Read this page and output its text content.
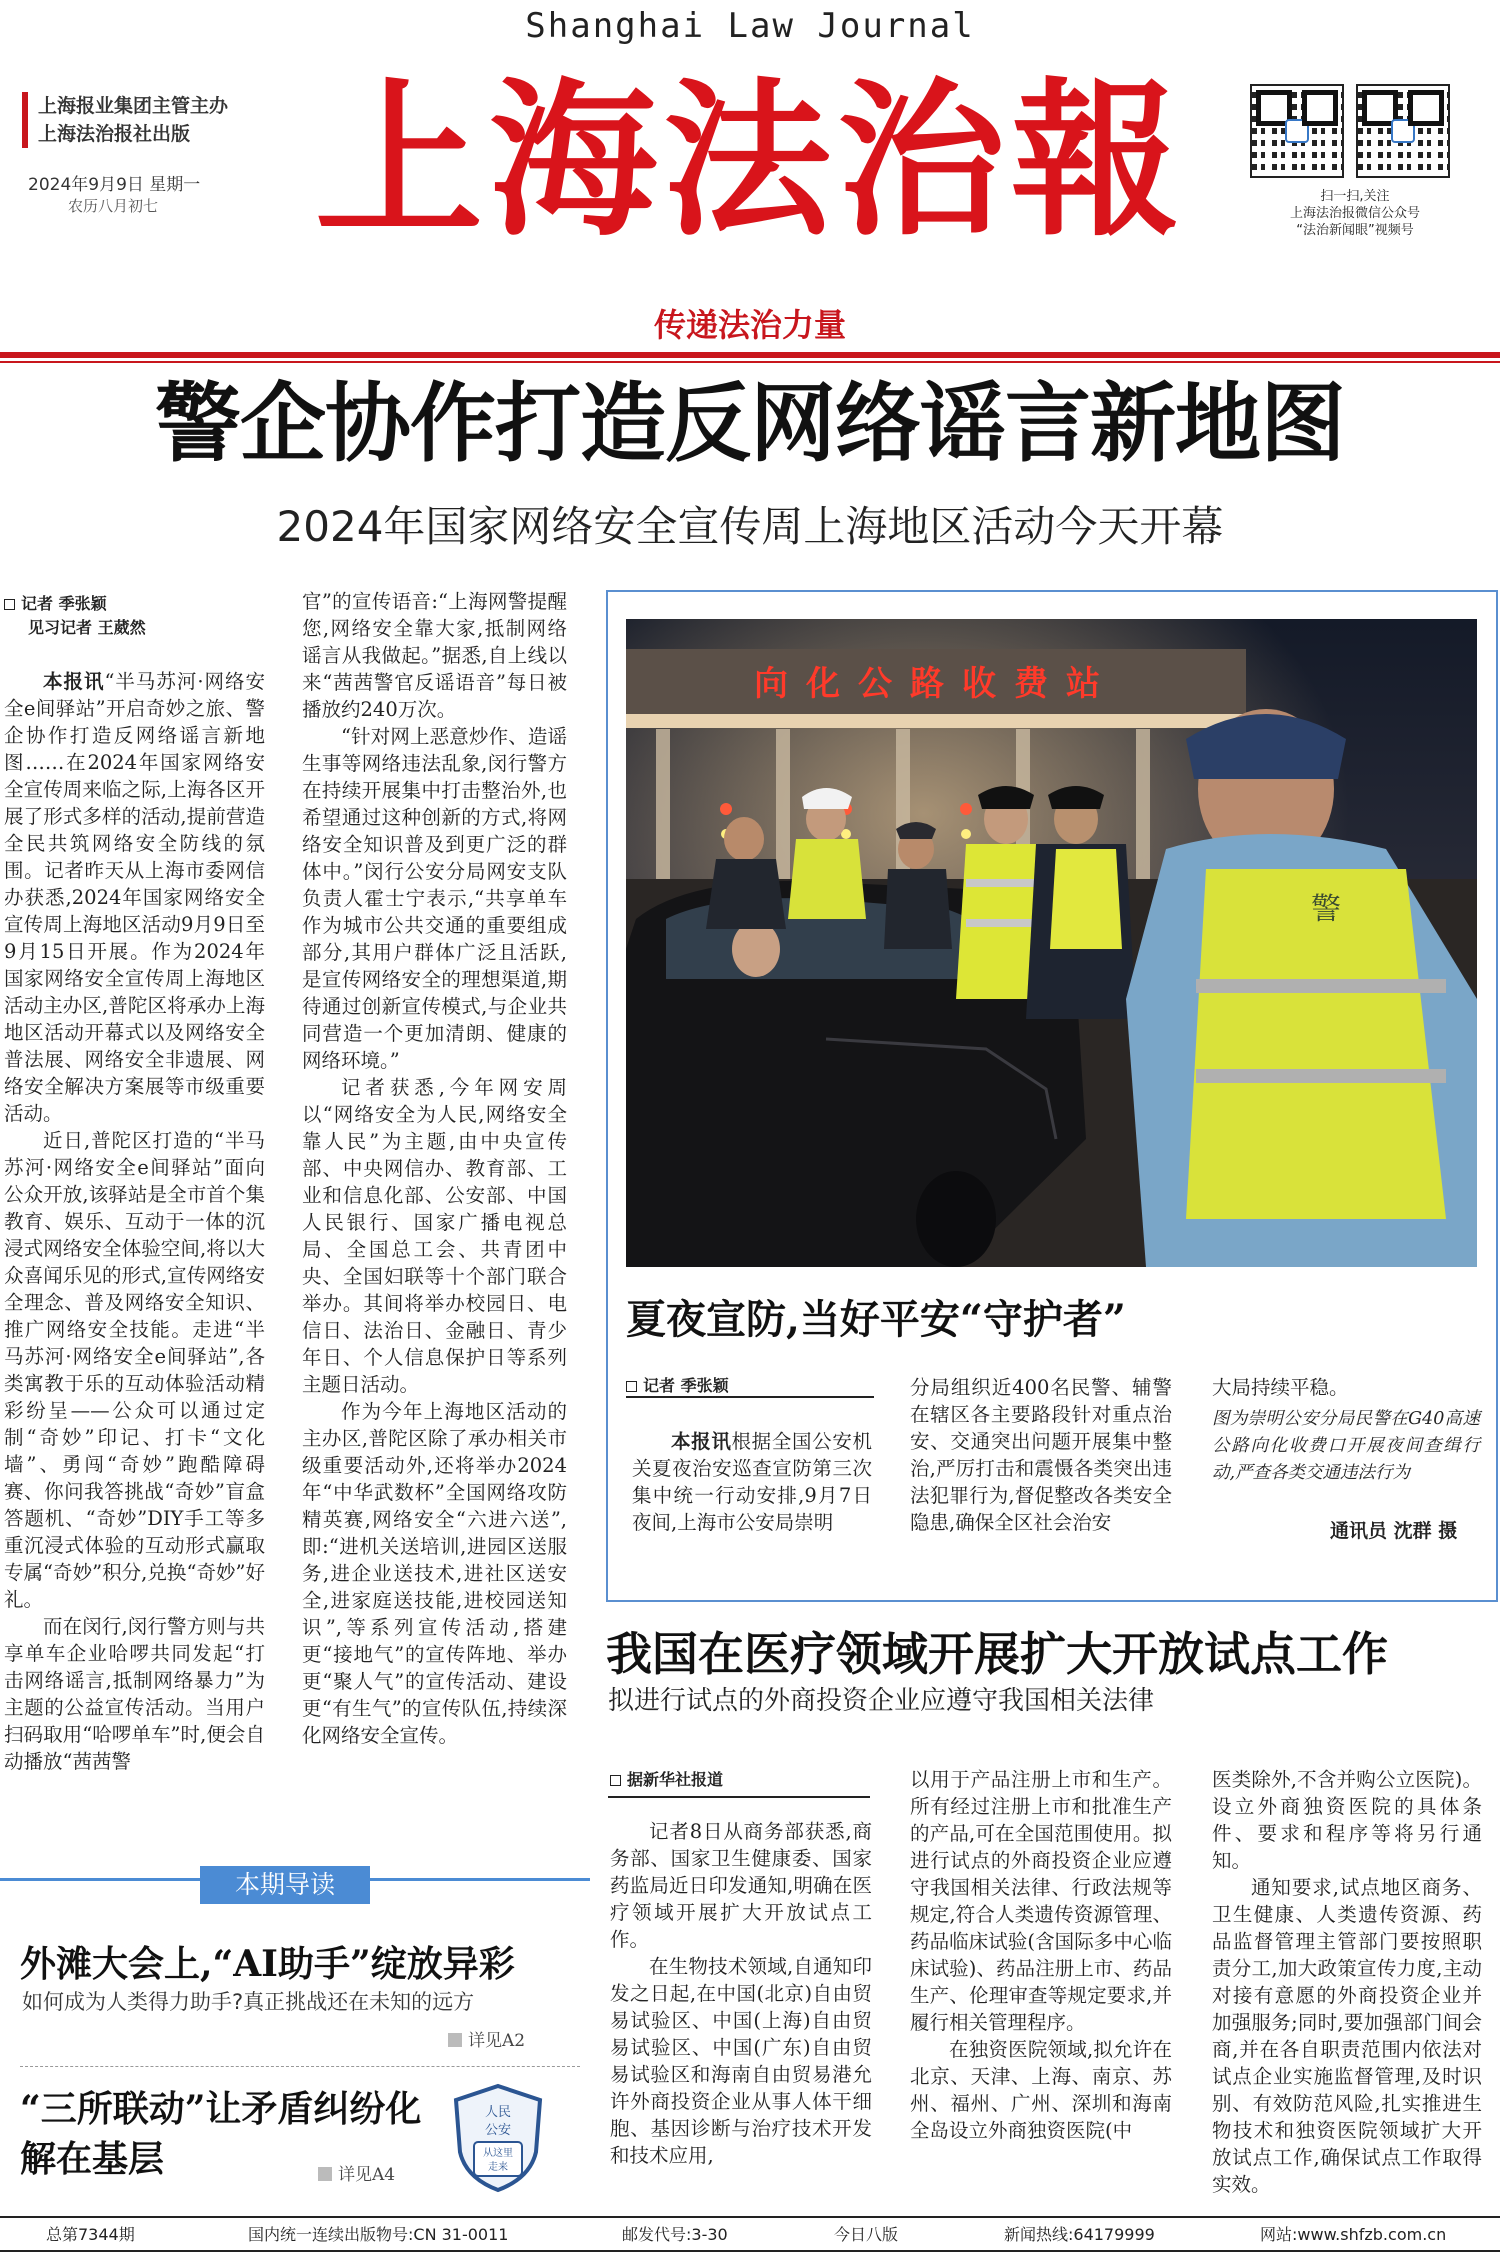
Shanghai Law Journal
上海报业集团主管主办
上海法治报社出版
2024年9月9日 星期一
农历八月初七 上海法治報	扫一扫,关注
上海法治报微信公众号
“法治新闻眼”视频号
传递法治力量
警企协作打造反网络谣言新地图
2024年国家网络安全宣传周上海地区活动今天开幕
记者 季张颖
见习记者 王葳然

本报讯“半马苏河·网络安全e间驿站”开启奇妙之旅、警企协作打造反网络谣言新地图……在2024年国家网络安全宣传周来临之际,上海各区开展了形式多样的活动,提前营造全民共筑网络安全防线的氛围。记者昨天从上海市委网信办获悉,2024年国家网络安全宣传周上海地区活动9月9日至9月15日开展。作为2024年国家网络安全宣传周上海地区活动主办区,普陀区将承办上海地区活动开幕式以及网络安全普法展、网络安全非遗展、网络安全解决方案展等市级重要活动。

近日,普陀区打造的“半马苏河·网络安全e间驿站”面向公众开放,该驿站是全市首个集教育、娱乐、互动于一体的沉浸式网络安全体验空间,将以大众喜闻乐见的形式,宣传网络安全理念、普及网络安全知识、推广网络安全技能。走进“半马苏河·网络安全e间驿站”,各类寓教于乐的互动体验活动精彩纷呈——公众可以通过定制“奇妙”印记、打卡“文化墙”、勇闯“奇妙”跑酷障碍赛、你问我答挑战“奇妙”盲盒答题机、“奇妙”DIY手工等多重沉浸式体验的互动形式赢取专属“奇妙”积分,兑换“奇妙”好礼。

而在闵行,闵行警方则与共享单车企业哈啰共同发起“打击网络谣言,抵制网络暴力”为主题的公益宣传活动。当用户扫码取用“哈啰单车”时,便会自动播放“茜茜警

官”的宣传语音:“上海网警提醒您,网络安全靠大家,抵制网络谣言从我做起。”据悉,自上线以来“茜茜警官反谣语音”每日被播放约240万次。

“针对网上恶意炒作、造谣生事等网络违法乱象,闵行警方在持续开展集中打击整治外,也希望通过这种创新的方式,将网络安全知识普及到更广泛的群体中。”闵行公安分局网安支队负责人霍士宁表示,“共享单车作为城市公共交通的重要组成部分,其用户群体广泛且活跃,是宣传网络安全的理想渠道,期待通过创新宣传模式,与企业共同营造一个更加清朗、健康的网络环境。”

记者获悉,今年网安周以“网络安全为人民,网络安全靠人民”为主题,由中央宣传部、中央网信办、教育部、工业和信息化部、公安部、中国人民银行、国家广播电视总局、全国总工会、共青团中央、全国妇联等十个部门联合举办。其间将举办校园日、电信日、法治日、金融日、青少年日、个人信息保护日等系列主题日活动。

作为今年上海地区活动的主办区,普陀区除了承办相关市级重要活动外,还将举办2024年“中华武数杯”全国网络攻防精英赛,网络安全“六进六送”,即:“进机关送培训,进园区送服务,进企业送技术,进社区送安全,进家庭送技能,进校园送知识”,等系列宣传活动,搭建更“接地气”的宣传阵地、举办更“聚人气”的宣传活动、建设更“有生气”的宣传队伍,持续深化网络安全宣传。

向化公路收费站
警
夏夜宣防,当好平安“守护者”
记者 季张颖

本报讯根据全国公安机关夏夜治安巡查宣防第三次集中统一行动安排,9月7日夜间,上海市公安局崇明

分局组织近400名民警、辅警在辖区各主要路段针对重点治安、交通突出问题开展集中整治,严厉打击和震慑各类突出违法犯罪行为,督促整改各类安全隐患,确保全区社会治安

大局持续平稳。

图为崇明公安分局民警在G40高速公路向化收费口开展夜间查缉行动,严查各类交通违法行为
通讯员 沈群 摄
我国在医疗领域开展扩大开放试点工作
拟进行试点的外商投资企业应遵守我国相关法律
据新华社报道

记者8日从商务部获悉,商务部、国家卫生健康委、国家药监局近日印发通知,明确在医疗领域开展扩大开放试点工作。

在生物技术领域,自通知印发之日起,在中国(北京)自由贸易试验区、中国(上海)自由贸易试验区、中国(广东)自由贸易试验区和海南自由贸易港允许外商投资企业从事人体干细胞、基因诊断与治疗技术开发和技术应用,

以用于产品注册上市和生产。所有经过注册上市和批准生产的产品,可在全国范围使用。拟进行试点的外商投资企业应遵守我国相关法律、行政法规等规定,符合人类遗传资源管理、药品临床试验(含国际多中心临床试验)、药品注册上市、药品生产、伦理审查等规定要求,并履行相关管理程序。

在独资医院领域,拟允许在北京、天津、上海、南京、苏州、福州、广州、深圳和海南全岛设立外商独资医院(中

医类除外,不含并购公立医院)。设立外商独资医院的具体条件、要求和程序等将另行通知。

通知要求,试点地区商务、卫生健康、人类遗传资源、药品监督管理主管部门要按照职责分工,加大政策宣传力度,主动对接有意愿的外商投资企业并加强服务;同时,要加强部门间会商,并在各自职责范围内依法对试点企业实施监督管理,及时识别、有效防范风险,扎实推进生物技术和独资医院领域扩大开放试点工作,确保试点工作取得实效。

本期导读
外滩大会上,“AI助手”绽放异彩
如何成为人类得力助手?真正挑战还在未知的远方
详见A2
“三所联动”让矛盾纠纷化解在基层	详见A4
人民
公安
从这里
走来
总第7344期	国内统一连续出版物号:CN 31-0011	邮发代号:3-30	今日八版	新闻热线:64179999	网站:www.shfzb.com.cn
